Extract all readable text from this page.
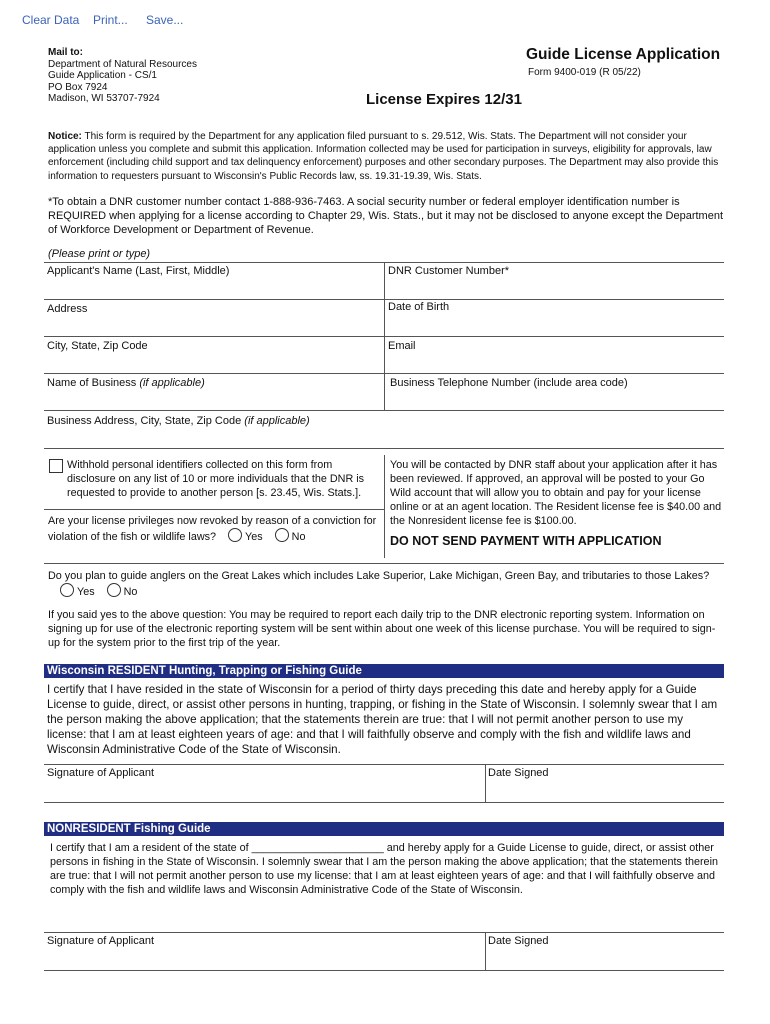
Clear Data Print... Save...
Mail to:
Department of Natural Resources
Guide Application - CS/1
PO Box 7924
Madison, WI 53707-7924
Guide License Application
Form 9400-019 (R 05/22)
License Expires 12/31
Notice: This form is required by the Department for any application filed pursuant to s. 29.512, Wis. Stats. The Department will not consider your application unless you complete and submit this application. Information collected may be used for participation in surveys, eligibility for approvals, law enforcement (including child support and tax delinquency enforcement) purposes and other secondary purposes. The Department may also provide this information to requesters pursuant to Wisconsin's Public Records law, ss. 19.31-19.39, Wis. Stats.
*To obtain a DNR customer number contact 1-888-936-7463. A social security number or federal employer identification number is REQUIRED when applying for a license according to Chapter 29, Wis. Stats., but it may not be disclosed to anyone except the Department of Workforce Development or Department of Revenue.
(Please print or type)
Applicant's Name (Last, First, Middle)	DNR Customer Number*
Address	Date of Birth
City, State, Zip Code	Email
Name of Business (if applicable)	Business Telephone Number (include area code)
Business Address, City, State, Zip Code (if applicable)
Withhold personal identifiers collected on this form from disclosure on any list of 10 or more individuals that the DNR is requested to provide to another person [s. 23.45, Wis. Stats.].
Are your license privileges now revoked by reason of a conviction for violation of the fish or wildlife laws?	Yes	No
You will be contacted by DNR staff about your application after it has been reviewed. If approved, an approval will be posted to your Go Wild account that will allow you to obtain and pay for your license online or at an agent location. The Resident license fee is $40.00 and the Nonresident license fee is $100.00.
DO NOT SEND PAYMENT WITH APPLICATION
Do you plan to guide anglers on the Great Lakes which includes Lake Superior, Lake Michigan, Green Bay, and tributaries to those Lakes?Yes	No
If you said yes to the above question: You may be required to report each daily trip to the DNR electronic reporting system. Information on signing up for use of the electronic reporting system will be sent within about one week of this license purchase. You will be required to sign-up for the system prior to the first trip of the year.
Wisconsin RESIDENT Hunting, Trapping or Fishing Guide
I certify that I have resided in the state of Wisconsin for a period of thirty days preceding this date and hereby apply for a Guide License to guide, direct, or assist other persons in hunting, trapping, or fishing in the State of Wisconsin. I solemnly swear that I am the person making the above application; that the statements therein are true: that I will not permit another person to use my license: that I am at least eighteen years of age: and that I will faithfully observe and comply with the fish and wildlife laws and Wisconsin Administrative Code of the State of Wisconsin.
Signature of Applicant	Date Signed
NONRESIDENT Fishing Guide
I certify that I am a resident of the state of ______________________ and hereby apply for a Guide License to guide, direct, or assist other persons in fishing in the State of Wisconsin. I solemnly swear that I am the person making the above application; that the statements therein are true: that I will not permit another person to use my license: that I am at least eighteen years of age: and that I will faithfully observe and comply with the fish and wildlife laws and Wisconsin Administrative Code of the State of Wisconsin.
Signature of Applicant	Date Signed
